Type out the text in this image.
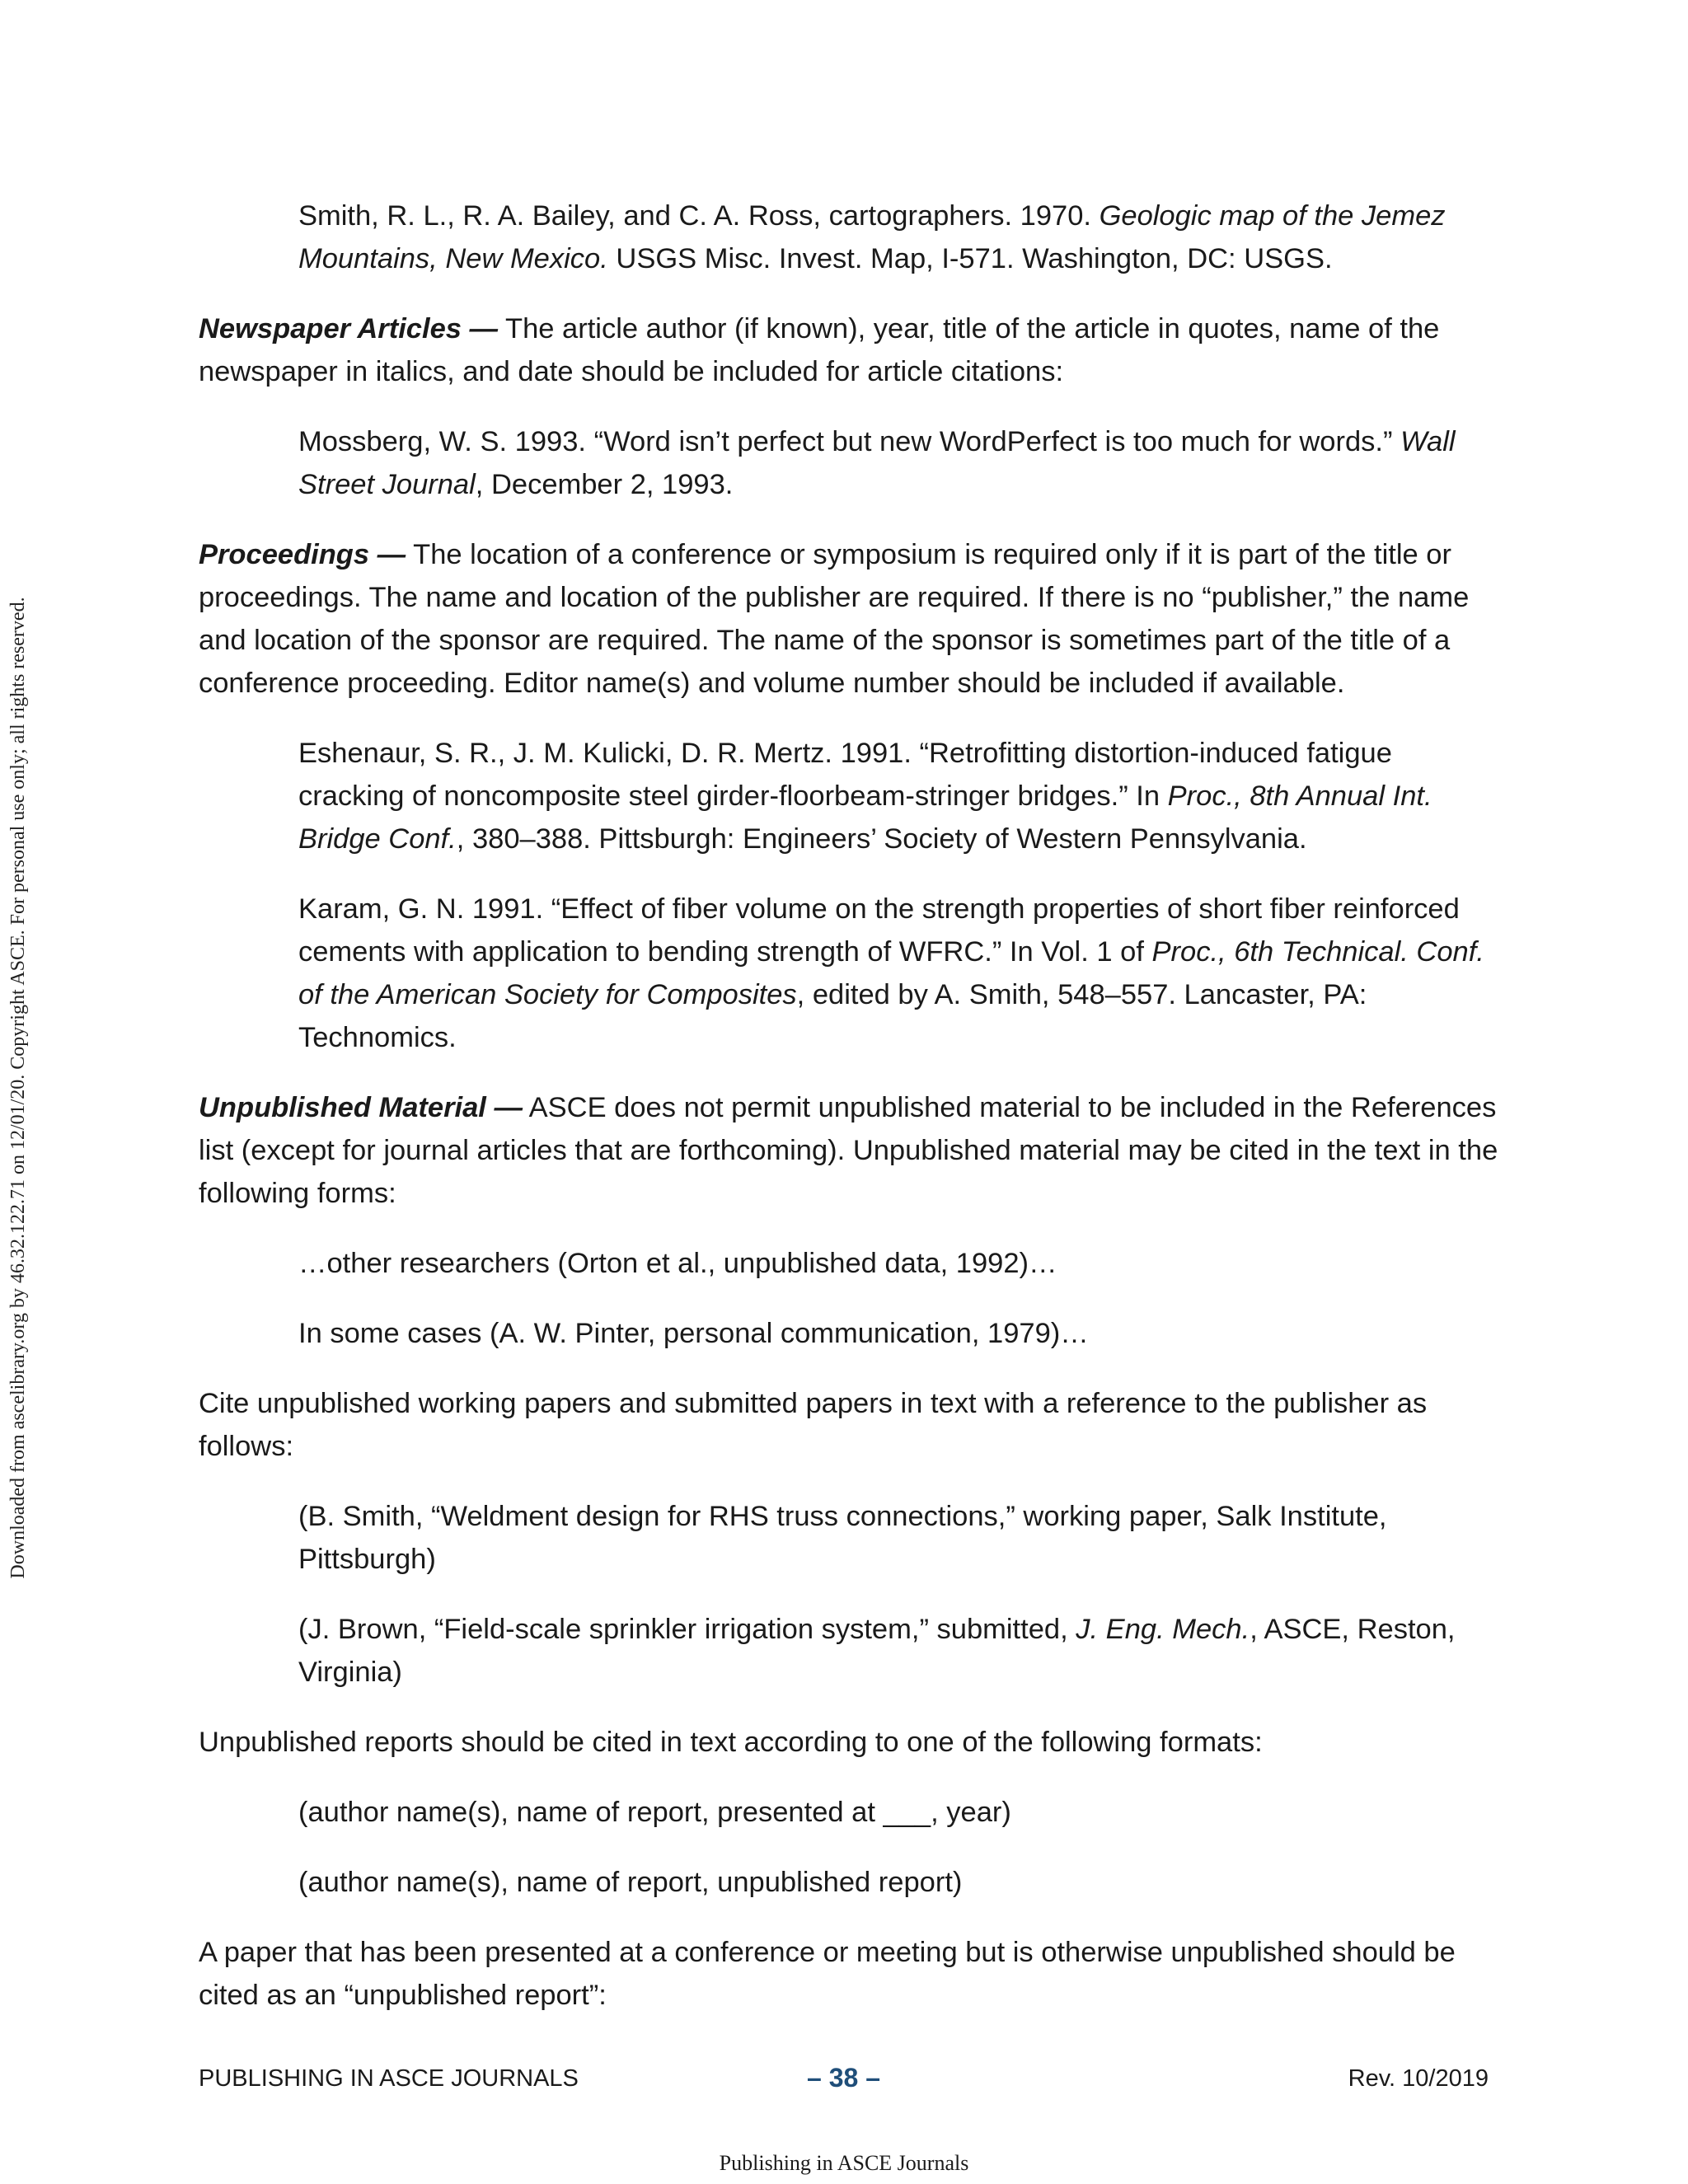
Downloaded from ascelibrary.org by 46.32.122.71 on 12/01/20. Copyright ASCE. For personal use only; all rights reserved.

Smith, R. L., R. A. Bailey, and C. A. Ross, cartographers. 1970. Geologic map of the Jemez Mountains, New Mexico. USGS Misc. Invest. Map, I-571. Washington, DC: USGS.

Newspaper Articles — The article author (if known), year, title of the article in quotes, name of the newspaper in italics, and date should be included for article citations:

Mossberg, W. S. 1993. “Word isn’t perfect but new WordPerfect is too much for words.” Wall Street Journal, December 2, 1993.

Proceedings — The location of a conference or symposium is required only if it is part of the title or proceedings. The name and location of the publisher are required. If there is no “publisher,” the name and location of the sponsor are required. The name of the sponsor is sometimes part of the title of a conference proceeding. Editor name(s) and volume number should be included if available.

Eshenaur, S. R., J. M. Kulicki, D. R. Mertz. 1991. “Retrofitting distortion-induced fatigue cracking of noncomposite steel girder-floorbeam-stringer bridges.” In Proc., 8th Annual Int. Bridge Conf., 380–388. Pittsburgh: Engineers’ Society of Western Pennsylvania.

Karam, G. N. 1991. “Effect of fiber volume on the strength properties of short fiber reinforced cements with application to bending strength of WFRC.” In Vol. 1 of Proc., 6th Technical. Conf. of the American Society for Composites, edited by A. Smith, 548–557. Lancaster, PA: Technomics.

Unpublished Material — ASCE does not permit unpublished material to be included in the References list (except for journal articles that are forthcoming). Unpublished material may be cited in the text in the following forms:

…other researchers (Orton et al., unpublished data, 1992)…

In some cases (A. W. Pinter, personal communication, 1979)…

Cite unpublished working papers and submitted papers in text with a reference to the publisher as follows:

(B. Smith, “Weldment design for RHS truss connections,” working paper, Salk Institute, Pittsburgh)

(J. Brown, “Field-scale sprinkler irrigation system,” submitted, J. Eng. Mech., ASCE, Reston, Virginia)

Unpublished reports should be cited in text according to one of the following formats:

(author name(s), name of report, presented at ___, year)

(author name(s), name of report, unpublished report)

A paper that has been presented at a conference or meeting but is otherwise unpublished should be cited as an “unpublished report”:

PUBLISHING IN ASCE JOURNALS	– 38 –	Rev. 10/2019
Publishing in ASCE Journals
